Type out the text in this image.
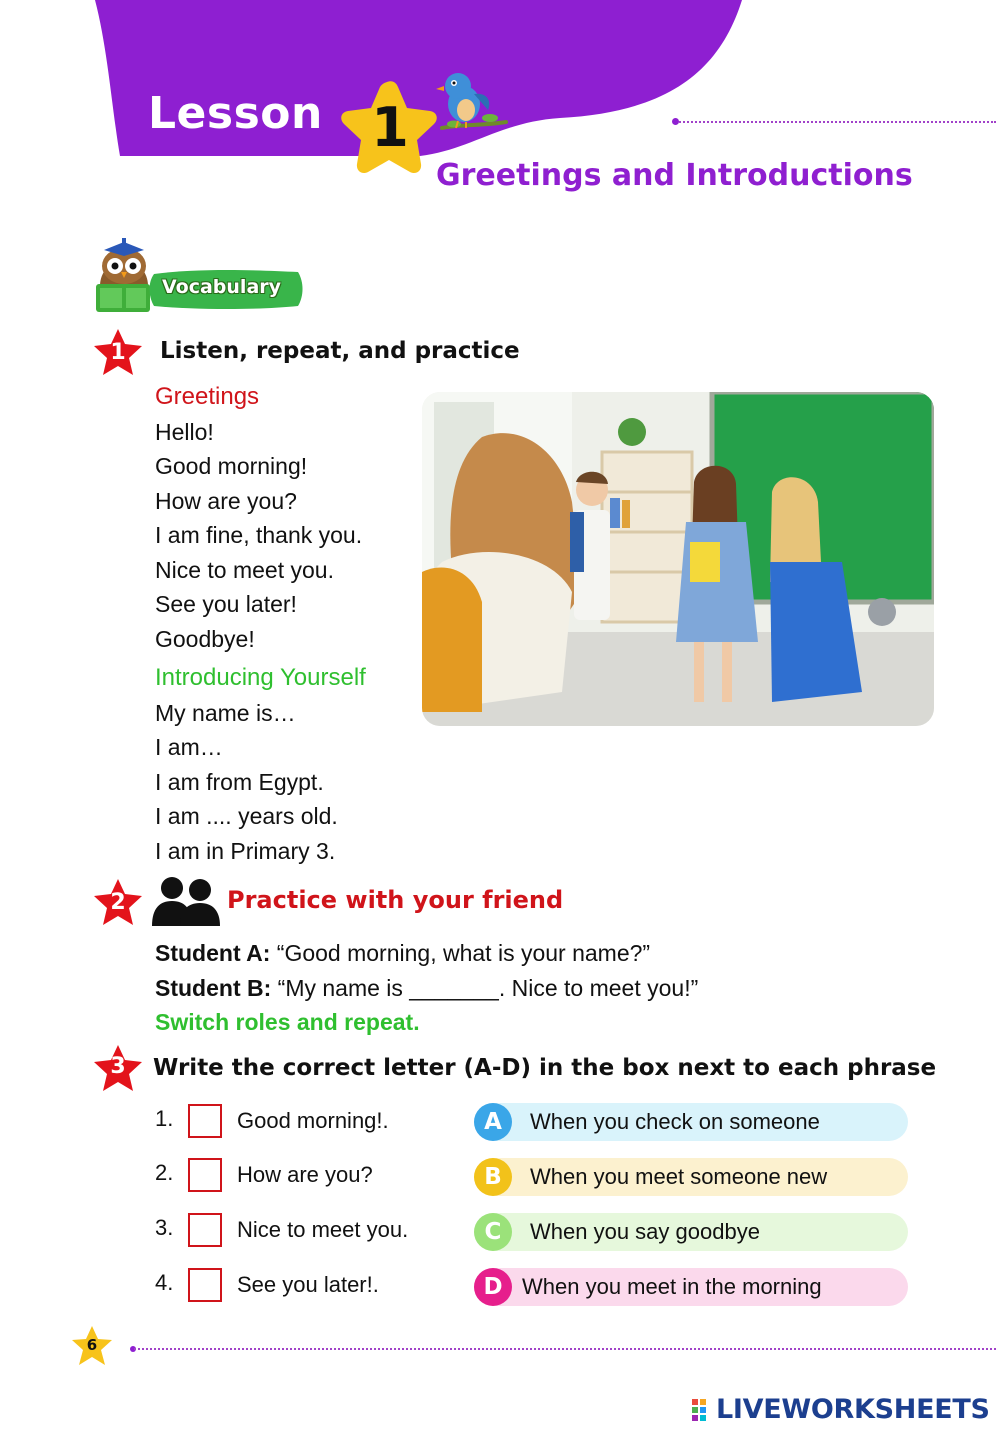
Lesson 1
Greetings and Introductions
Vocabulary
1	Listen, repeat, and practice
Greetings
Hello!
Good morning!
How are you?
I am fine, thank you.
Nice to meet you.
See you later!
Goodbye!
Introducing Yourself
My name is…
I am…
I am from Egypt.
I am .... years old.
I am in Primary 3.
2	Practice with your friend
Student A: “Good morning, what is your name?”
Student B: “My name is _______. Nice to meet you!”
Switch roles and repeat.
3	Write the correct letter (A-D) in the box next to each phrase
1.	Good morning!.
2.	How are you?
3.	Nice to meet you.
4.	See you later!.
A	When you check on someone
B	When you meet someone new
C	When you say goodbye
D When you meet in the morning
6
LIVEWORKSHEETS
